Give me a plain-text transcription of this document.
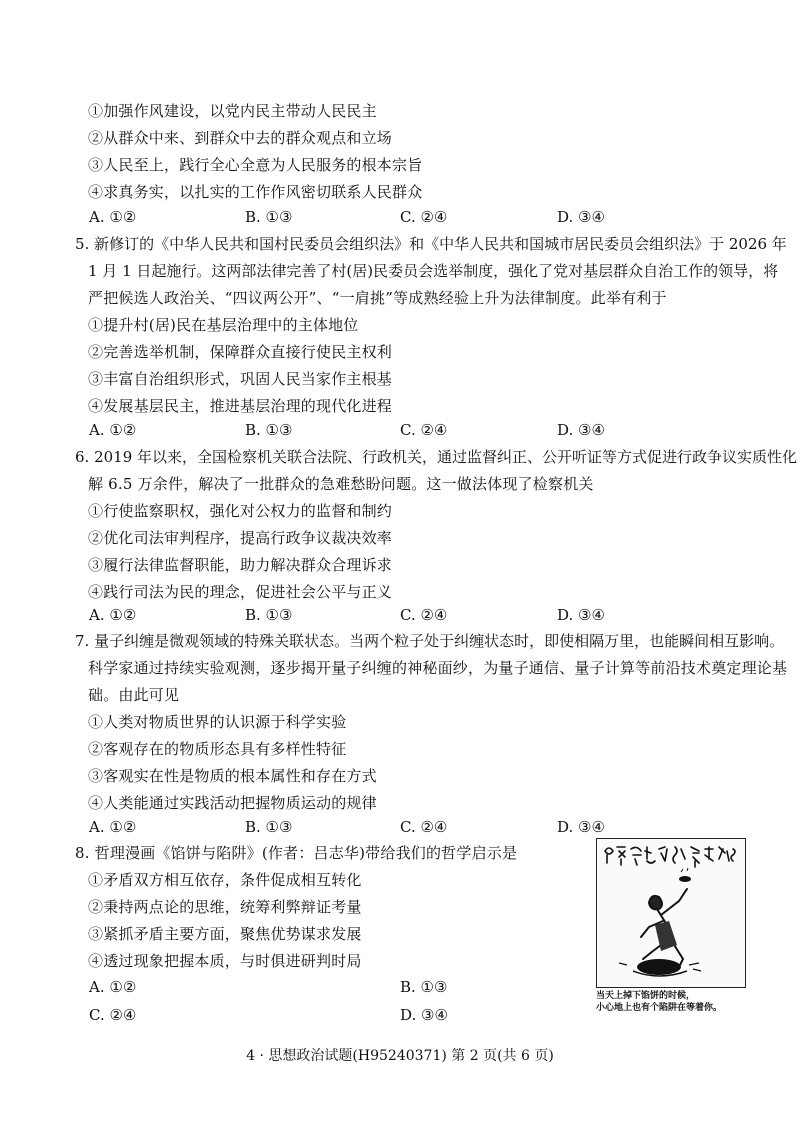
①加强作风建设，以党内民主带动人民民主
②从群众中来、到群众中去的群众观点和立场
③人民至上，践行全心全意为人民服务的根本宗旨
④求真务实，以扎实的工作作风密切联系人民群众
A. ①②	B. ①③	C. ②④	D. ③④
5. 新修订的《中华人民共和国村民委员会组织法》和《中华人民共和国城市居民委员会组织法》于 2026 年
1 月 1 日起施行。这两部法律完善了村(居)民委员会选举制度，强化了党对基层群众自治工作的领导，将
严把候选人政治关、“四议两公开”、“一肩挑”等成熟经验上升为法律制度。此举有利于
①提升村(居)民在基层治理中的主体地位
②完善选举机制，保障群众直接行使民主权利
③丰富自治组织形式，巩固人民当家作主根基
④发展基层民主，推进基层治理的现代化进程
A. ①②	B. ①③	C. ②④	D. ③④
6. 2019 年以来，全国检察机关联合法院、行政机关，通过监督纠正、公开听证等方式促进行政争议实质性化
解 6.5 万余件，解决了一批群众的急难愁盼问题。这一做法体现了检察机关
①行使监察职权，强化对公权力的监督和制约
②优化司法审判程序，提高行政争议裁决效率
③履行法律监督职能，助力解决群众合理诉求
④践行司法为民的理念，促进社会公平与正义
A. ①②	B. ①③	C. ②④	D. ③④
7. 量子纠缠是微观领域的特殊关联状态。当两个粒子处于纠缠状态时，即使相隔万里，也能瞬间相互影响。
科学家通过持续实验观测，逐步揭开量子纠缠的神秘面纱，为量子通信、量子计算等前沿技术奠定理论基
础。由此可见
①人类对物质世界的认识源于科学实验
②客观存在的物质形态具有多样性特征
③客观实在性是物质的根本属性和存在方式
④人类能通过实践活动把握物质运动的规律
A. ①②	B. ①③	C. ②④	D. ③④
8. 哲理漫画《馅饼与陷阱》(作者：吕志华)带给我们的哲学启示是
①矛盾双方相互依存，条件促成相互转化
②秉持两点论的思维，统筹利弊辩证考量
③紧抓矛盾主要方面，聚焦优势谋求发展
④透过现象把握本质，与时俱进研判时局
A. ①②	B. ①③
C. ②④	D. ③④
当天上掉下馅饼的时候，
小心地上也有个陷阱在等着你。
4 · 思想政治试题(H95240371) 第 2 页(共 6 页)
